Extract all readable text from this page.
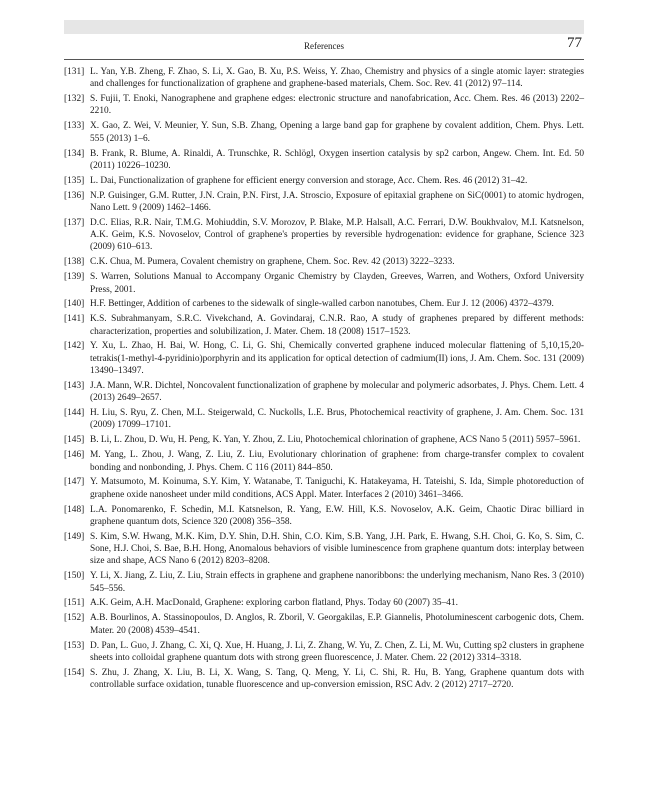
References	77
[131] L. Yan, Y.B. Zheng, F. Zhao, S. Li, X. Gao, B. Xu, P.S. Weiss, Y. Zhao, Chemistry and physics of a single atomic layer: strategies and challenges for functionalization of graphene and graphene-based materials, Chem. Soc. Rev. 41 (2012) 97–114.
[132] S. Fujii, T. Enoki, Nanographene and graphene edges: electronic structure and nanofabrication, Acc. Chem. Res. 46 (2013) 2202–2210.
[133] X. Gao, Z. Wei, V. Meunier, Y. Sun, S.B. Zhang, Opening a large band gap for graphene by covalent addition, Chem. Phys. Lett. 555 (2013) 1–6.
[134] B. Frank, R. Blume, A. Rinaldi, A. Trunschke, R. Schlögl, Oxygen insertion catalysis by sp2 carbon, Angew. Chem. Int. Ed. 50 (2011) 10226–10230.
[135] L. Dai, Functionalization of graphene for efficient energy conversion and storage, Acc. Chem. Res. 46 (2012) 31–42.
[136] N.P. Guisinger, G.M. Rutter, J.N. Crain, P.N. First, J.A. Stroscio, Exposure of epitaxial graphene on SiC(0001) to atomic hydrogen, Nano Lett. 9 (2009) 1462–1466.
[137] D.C. Elias, R.R. Nair, T.M.G. Mohiuddin, S.V. Morozov, P. Blake, M.P. Halsall, A.C. Ferrari, D.W. Boukhvalov, M.I. Katsnelson, A.K. Geim, K.S. Novoselov, Control of graphene's properties by reversible hydrogenation: evidence for graphane, Science 323 (2009) 610–613.
[138] C.K. Chua, M. Pumera, Covalent chemistry on graphene, Chem. Soc. Rev. 42 (2013) 3222–3233.
[139] S. Warren, Solutions Manual to Accompany Organic Chemistry by Clayden, Greeves, Warren, and Wothers, Oxford University Press, 2001.
[140] H.F. Bettinger, Addition of carbenes to the sidewalk of single-walled carbon nanotubes, Chem. Eur J. 12 (2006) 4372–4379.
[141] K.S. Subrahmanyam, S.R.C. Vivekchand, A. Govindaraj, C.N.R. Rao, A study of graphenes prepared by different methods: characterization, properties and solubilization, J. Mater. Chem. 18 (2008) 1517–1523.
[142] Y. Xu, L. Zhao, H. Bai, W. Hong, C. Li, G. Shi, Chemically converted graphene induced molecular flattening of 5,10,15,20-tetrakis(1-methyl-4-pyridinio)porphyrin and its application for optical detection of cadmium(II) ions, J. Am. Chem. Soc. 131 (2009) 13490–13497.
[143] J.A. Mann, W.R. Dichtel, Noncovalent functionalization of graphene by molecular and polymeric adsorbates, J. Phys. Chem. Lett. 4 (2013) 2649–2657.
[144] H. Liu, S. Ryu, Z. Chen, M.L. Steigerwald, C. Nuckolls, L.E. Brus, Photochemical reactivity of graphene, J. Am. Chem. Soc. 131 (2009) 17099–17101.
[145] B. Li, L. Zhou, D. Wu, H. Peng, K. Yan, Y. Zhou, Z. Liu, Photochemical chlorination of graphene, ACS Nano 5 (2011) 5957–5961.
[146] M. Yang, L. Zhou, J. Wang, Z. Liu, Z. Liu, Evolutionary chlorination of graphene: from charge-transfer complex to covalent bonding and nonbonding, J. Phys. Chem. C 116 (2011) 844–850.
[147] Y. Matsumoto, M. Koinuma, S.Y. Kim, Y. Watanabe, T. Taniguchi, K. Hatakeyama, H. Tateishi, S. Ida, Simple photoreduction of graphene oxide nanosheet under mild conditions, ACS Appl. Mater. Interfaces 2 (2010) 3461–3466.
[148] L.A. Ponomarenko, F. Schedin, M.I. Katsnelson, R. Yang, E.W. Hill, K.S. Novoselov, A.K. Geim, Chaotic Dirac billiard in graphene quantum dots, Science 320 (2008) 356–358.
[149] S. Kim, S.W. Hwang, M.K. Kim, D.Y. Shin, D.H. Shin, C.O. Kim, S.B. Yang, J.H. Park, E. Hwang, S.H. Choi, G. Ko, S. Sim, C. Sone, H.J. Choi, S. Bae, B.H. Hong, Anomalous behaviors of visible luminescence from graphene quantum dots: interplay between size and shape, ACS Nano 6 (2012) 8203–8208.
[150] Y. Li, X. Jiang, Z. Liu, Z. Liu, Strain effects in graphene and graphene nanoribbons: the underlying mechanism, Nano Res. 3 (2010) 545–556.
[151] A.K. Geim, A.H. MacDonald, Graphene: exploring carbon flatland, Phys. Today 60 (2007) 35–41.
[152] A.B. Bourlinos, A. Stassinopoulos, D. Anglos, R. Zboril, V. Georgakilas, E.P. Giannelis, Photoluminescent carbogenic dots, Chem. Mater. 20 (2008) 4539–4541.
[153] D. Pan, L. Guo, J. Zhang, C. Xi, Q. Xue, H. Huang, J. Li, Z. Zhang, W. Yu, Z. Chen, Z. Li, M. Wu, Cutting sp2 clusters in graphene sheets into colloidal graphene quantum dots with strong green fluorescence, J. Mater. Chem. 22 (2012) 3314–3318.
[154] S. Zhu, J. Zhang, X. Liu, B. Li, X. Wang, S. Tang, Q. Meng, Y. Li, C. Shi, R. Hu, B. Yang, Graphene quantum dots with controllable surface oxidation, tunable fluorescence and up-conversion emission, RSC Adv. 2 (2012) 2717–2720.
